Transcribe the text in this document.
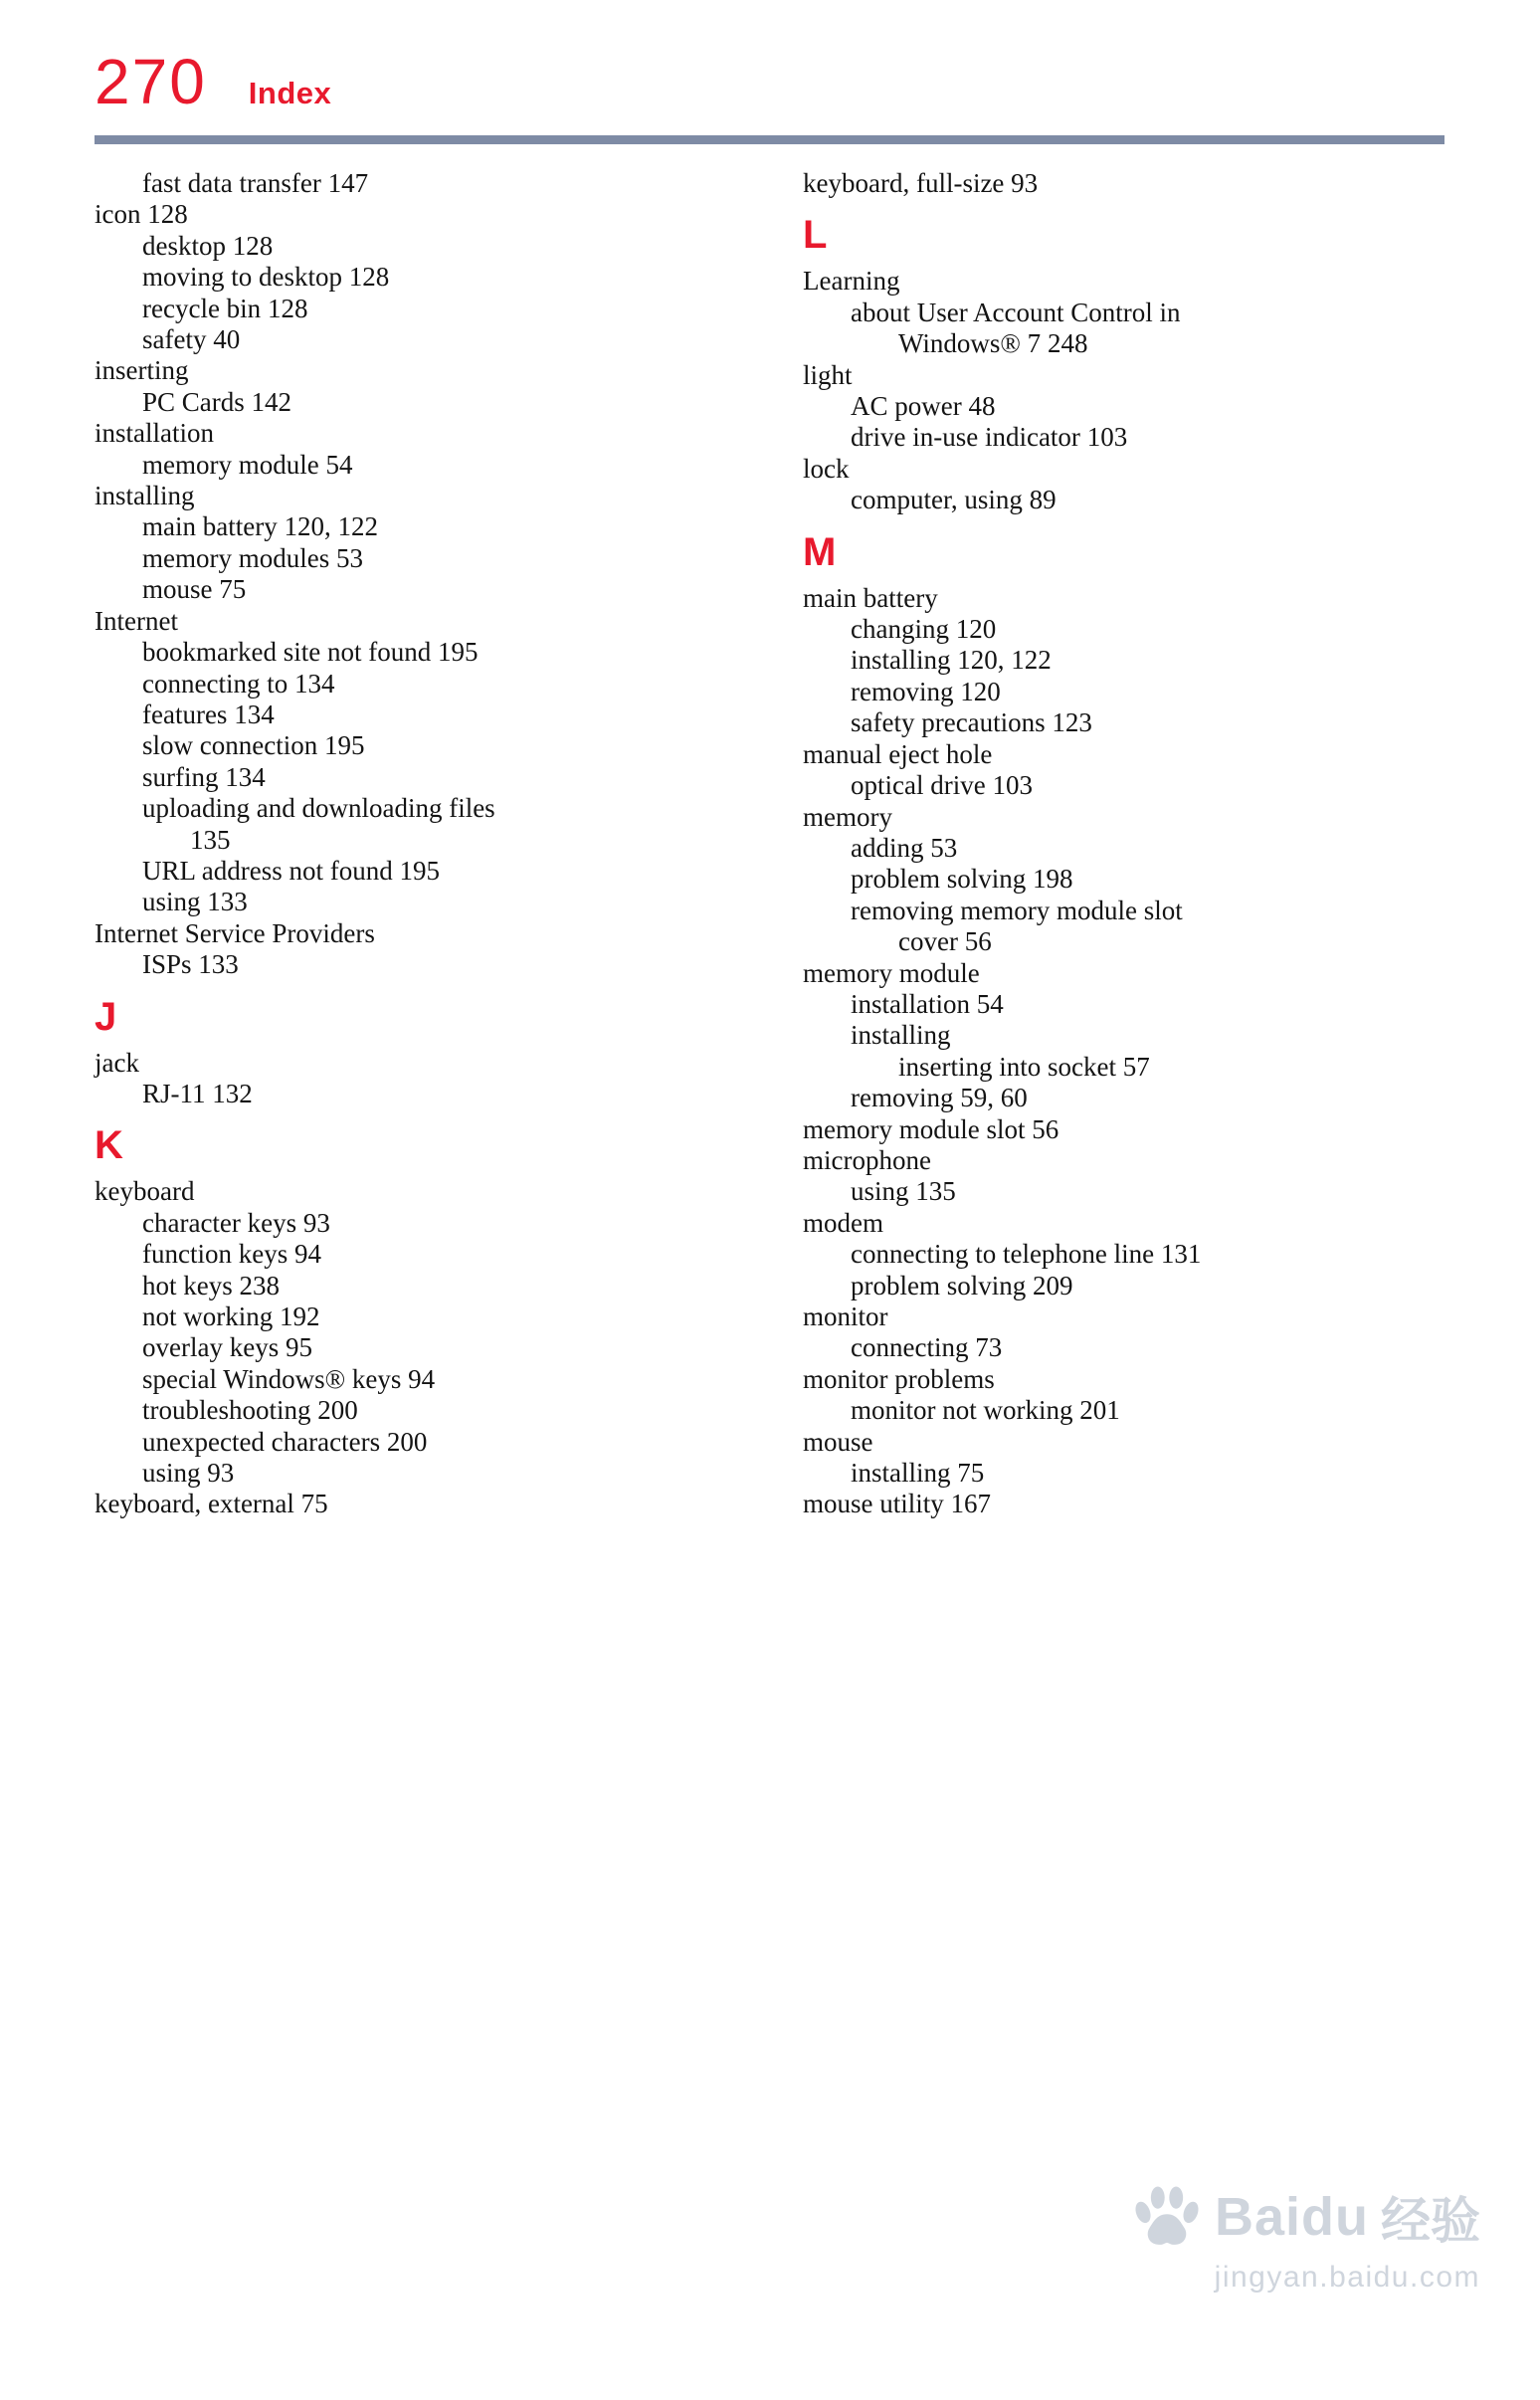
270 Index
fast data transfer 147
icon 128
desktop 128
moving to desktop 128
recycle bin 128
safety 40
inserting
PC Cards 142
installation
memory module 54
installing
main battery 120, 122
memory modules 53
mouse 75
Internet
bookmarked site not found 195
connecting to 134
features 134
slow connection 195
surfing 134
uploading and downloading files
135
URL address not found 195
using 133
Internet Service Providers
ISPs 133
J
jack
RJ-11 132
K
keyboard
character keys 93
function keys 94
hot keys 238
not working 192
overlay keys 95
special Windows® keys 94
troubleshooting 200
unexpected characters 200
using 93
keyboard, external 75
keyboard, full-size 93
L
Learning
about User Account Control in
Windows® 7 248
light
AC power 48
drive in-use indicator 103
lock
computer, using 89
M
main battery
changing 120
installing 120, 122
removing 120
safety precautions 123
manual eject hole
optical drive 103
memory
adding 53
problem solving 198
removing memory module slot
cover 56
memory module
installation 54
installing
inserting into socket 57
removing 59, 60
memory module slot 56
microphone
using 135
modem
connecting to telephone line 131
problem solving 209
monitor
connecting 73
monitor problems
monitor not working 201
mouse
installing 75
mouse utility 167
Baidu 经验
jingyan.baidu.com
